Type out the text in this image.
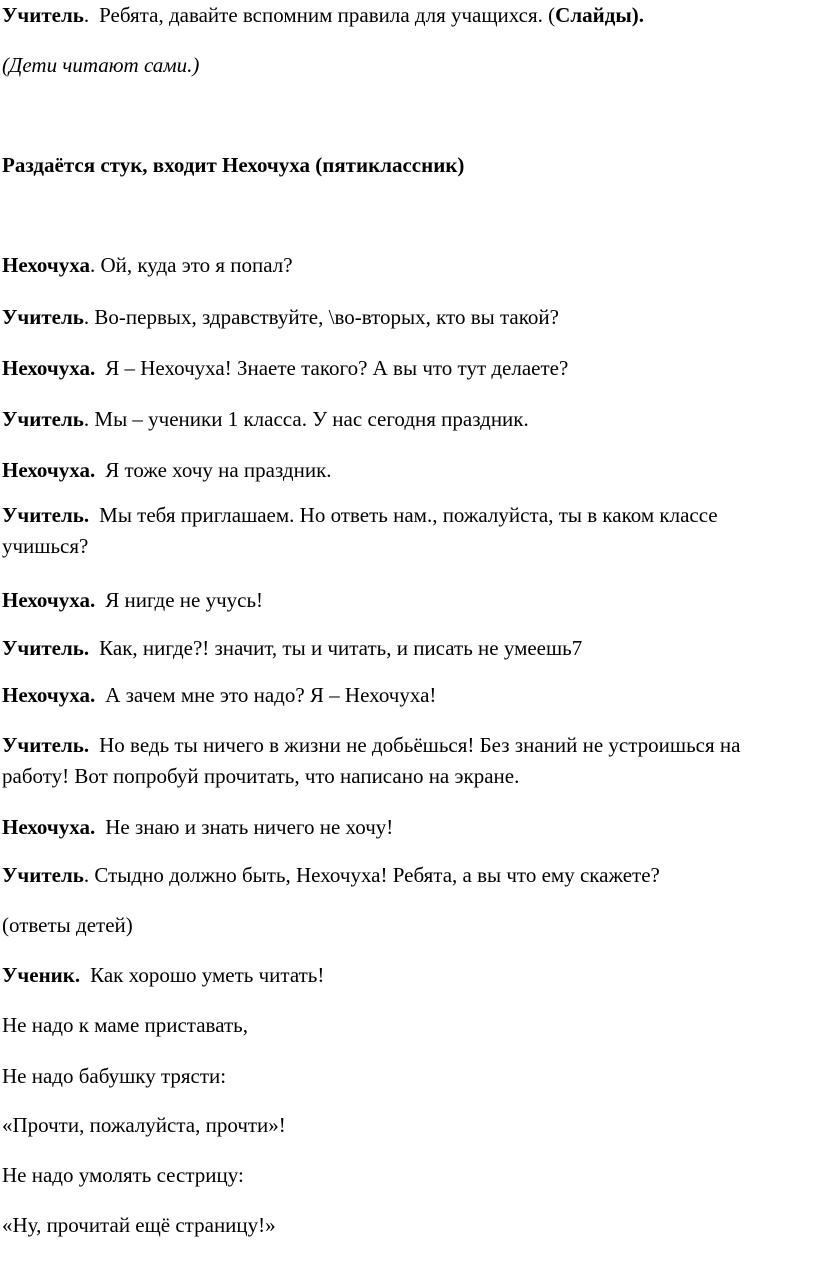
Учитель. Ребята, давайте вспомним правила для учащихся. (Слайды).

(Дети читают сами.)

Раздаётся стук, входит Нехочуха (пятиклассник)

Нехочуха. Ой, куда это я попал?

Учитель. Во-первых, здравствуйте, \во-вторых, кто вы такой?

Нехочуха. Я – Нехочуха! Знаете такого? А вы что тут делаете?

Учитель. Мы – ученики 1 класса. У нас сегодня праздник.

Нехочуха. Я тоже хочу на праздник.

Учитель. Мы тебя приглашаем. Но ответь нам., пожалуйста, ты в каком классе учишься?

Нехочуха. Я нигде не учусь!

Учитель. Как, нигде?! значит, ты и читать, и писать не умеешь7

Нехочуха. А зачем мне это надо? Я – Нехочуха!

Учитель. Но ведь ты ничего в жизни не добьёшься! Без знаний не устроишься на работу! Вот попробуй прочитать, что написано на экране.

Нехочуха. Не знаю и знать ничего не хочу!

Учитель. Стыдно должно быть, Нехочуха! Ребята, а вы что ему скажете?

(ответы детей)

Ученик. Как хорошо уметь читать!

Не надо к маме приставать,

Не надо бабушку трясти:

«Прочти, пожалуйста, прочти»!

Не надо умолять сестрицу:

«Ну, прочитай ещё страницу!»
